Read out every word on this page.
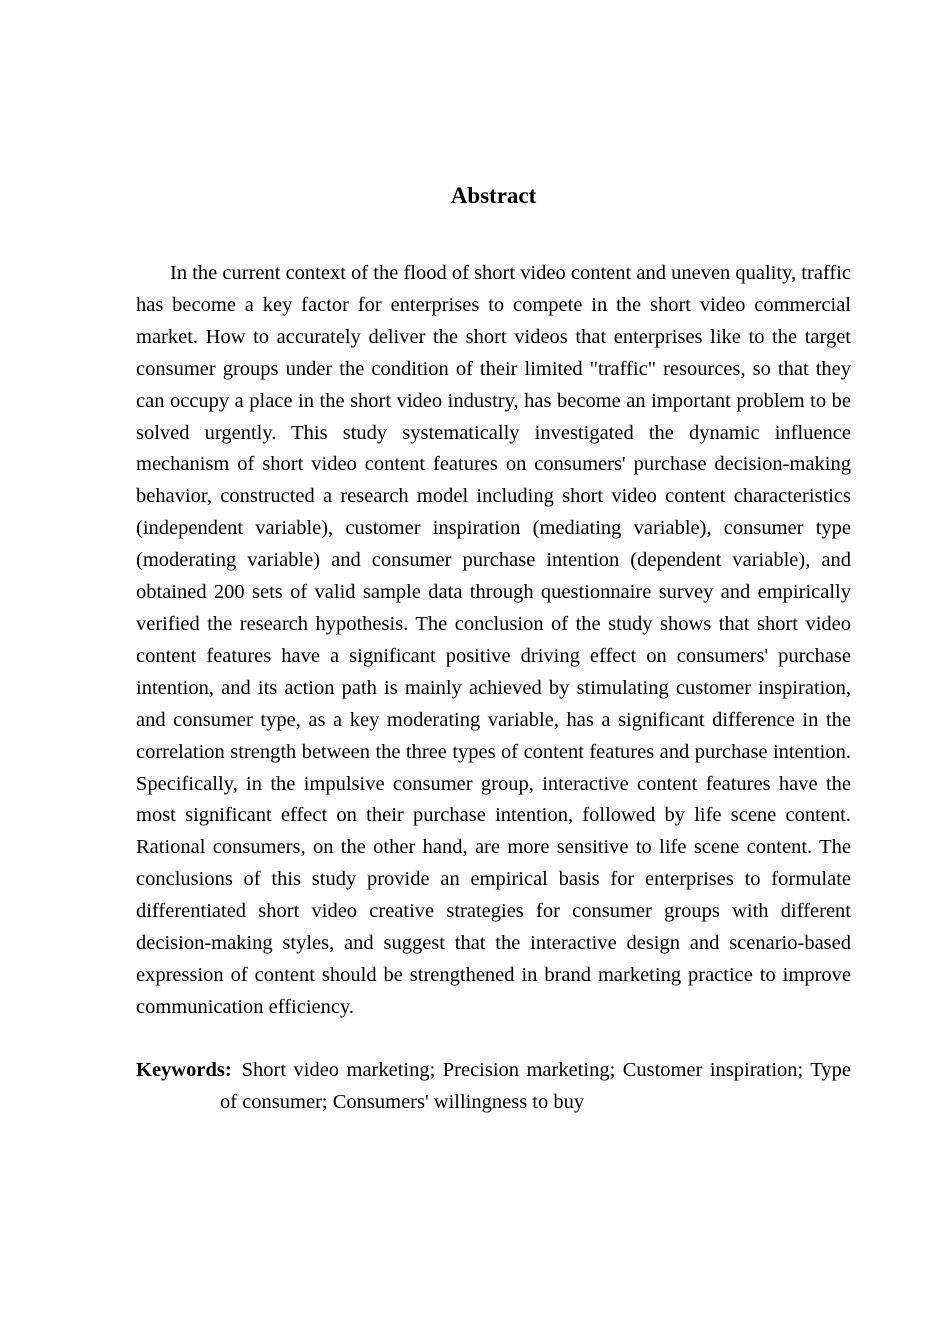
Abstract

In the current context of the flood of short video content and uneven quality, traffic has become a key factor for enterprises to compete in the short video commercial market. How to accurately deliver the short videos that enterprises like to the target consumer groups under the condition of their limited "traffic" resources, so that they can occupy a place in the short video industry, has become an important problem to be solved urgently. This study systematically investigated the dynamic influence mechanism of short video content features on consumers' purchase decision-making behavior, constructed a research model including short video content characteristics (independent variable), customer inspiration (mediating variable), consumer type (moderating variable) and consumer purchase intention (dependent variable), and obtained 200 sets of valid sample data through questionnaire survey and empirically verified the research hypothesis. The conclusion of the study shows that short video content features have a significant positive driving effect on consumers' purchase intention, and its action path is mainly achieved by stimulating customer inspiration, and consumer type, as a key moderating variable, has a significant difference in the correlation strength between the three types of content features and purchase intention. Specifically, in the impulsive consumer group, interactive content features have the most significant effect on their purchase intention, followed by life scene content. Rational consumers, on the other hand, are more sensitive to life scene content. The conclusions of this study provide an empirical basis for enterprises to formulate differentiated short video creative strategies for consumer groups with different decision-making styles, and suggest that the interactive design and scenario-based expression of content should be strengthened in brand marketing practice to improve communication efficiency.

Keywords: Short video marketing; Precision marketing; Customer inspiration; Type of consumer; Consumers' willingness to buy
